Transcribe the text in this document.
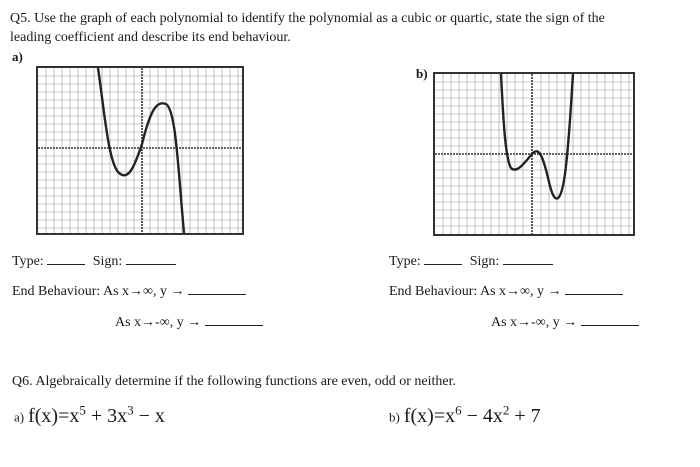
Q5. Use the graph of each polynomial to identify the polynomial as a cubic or quartic, state the sign of the
leading coefficient and describe its end behaviour.
a)
b)
Type:	Sign:
End Behaviour: As x→∞, y →
As x→-∞, y →
Type:	Sign:
End Behaviour: As x→∞, y →
As x→-∞, y →
Q6. Algebraically determine if the following functions are even, odd or neither.
a) $f(x)=x^5 + 3x^3 - x$	b) $f(x)=x^6 - 4x^2 + 7$
